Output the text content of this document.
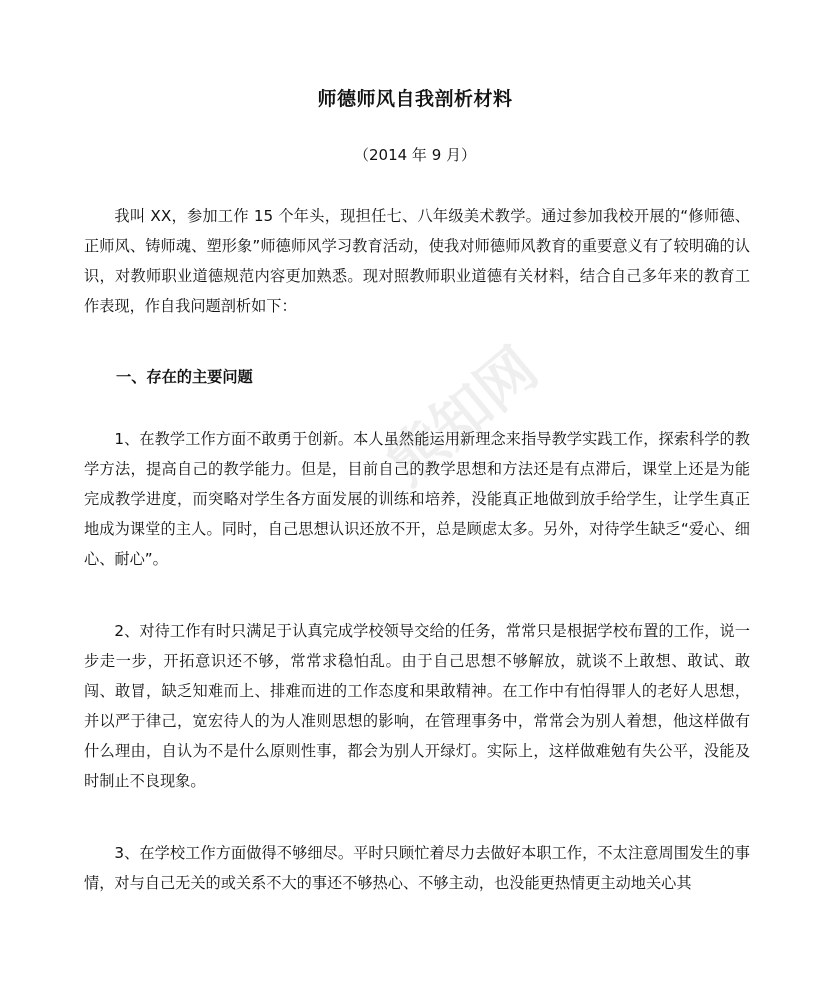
熊知网
师德师风自我剖析材料
（2014 年 9 月）

我叫 XX，参加工作 15 个年头，现担任七、八年级美术教学。通过参加我校开展的“修师德、正师风、铸师魂、塑形象”师德师风学习教育活动，使我对师德师风教育的重要意义有了较明确的认识，对教师职业道德规范内容更加熟悉。现对照教师职业道德有关材料，结合自己多年来的教育工作表现，作自我问题剖析如下：

一、存在的主要问题

1、在教学工作方面不敢勇于创新。本人虽然能运用新理念来指导教学实践工作，探索科学的教学方法，提高自己的教学能力。但是，目前自己的教学思想和方法还是有点滞后，课堂上还是为能完成教学进度，而突略对学生各方面发展的训练和培养，没能真正地做到放手给学生，让学生真正地成为课堂的主人。同时，自己思想认识还放不开，总是顾虑太多。另外，对待学生缺乏“爱心、细心、耐心”。

2、对待工作有时只满足于认真完成学校领导交给的任务，常常只是根据学校布置的工作，说一步走一步，开拓意识还不够，常常求稳怕乱。由于自己思想不够解放，就谈不上敢想、敢试、敢闯、敢冒，缺乏知难而上、排难而进的工作态度和果敢精神。在工作中有怕得罪人的老好人思想，并以严于律己，宽宏待人的为人准则思想的影响，在管理事务中，常常会为别人着想，他这样做有什么理由，自认为不是什么原则性事，都会为别人开绿灯。实际上，这样做难勉有失公平，没能及时制止不良现象。

3、在学校工作方面做得不够细尽。平时只顾忙着尽力去做好本职工作，不太注意周围发生的事情，对与自己无关的或关系不大的事还不够热心、不够主动，也没能更热情更主动地关心其
